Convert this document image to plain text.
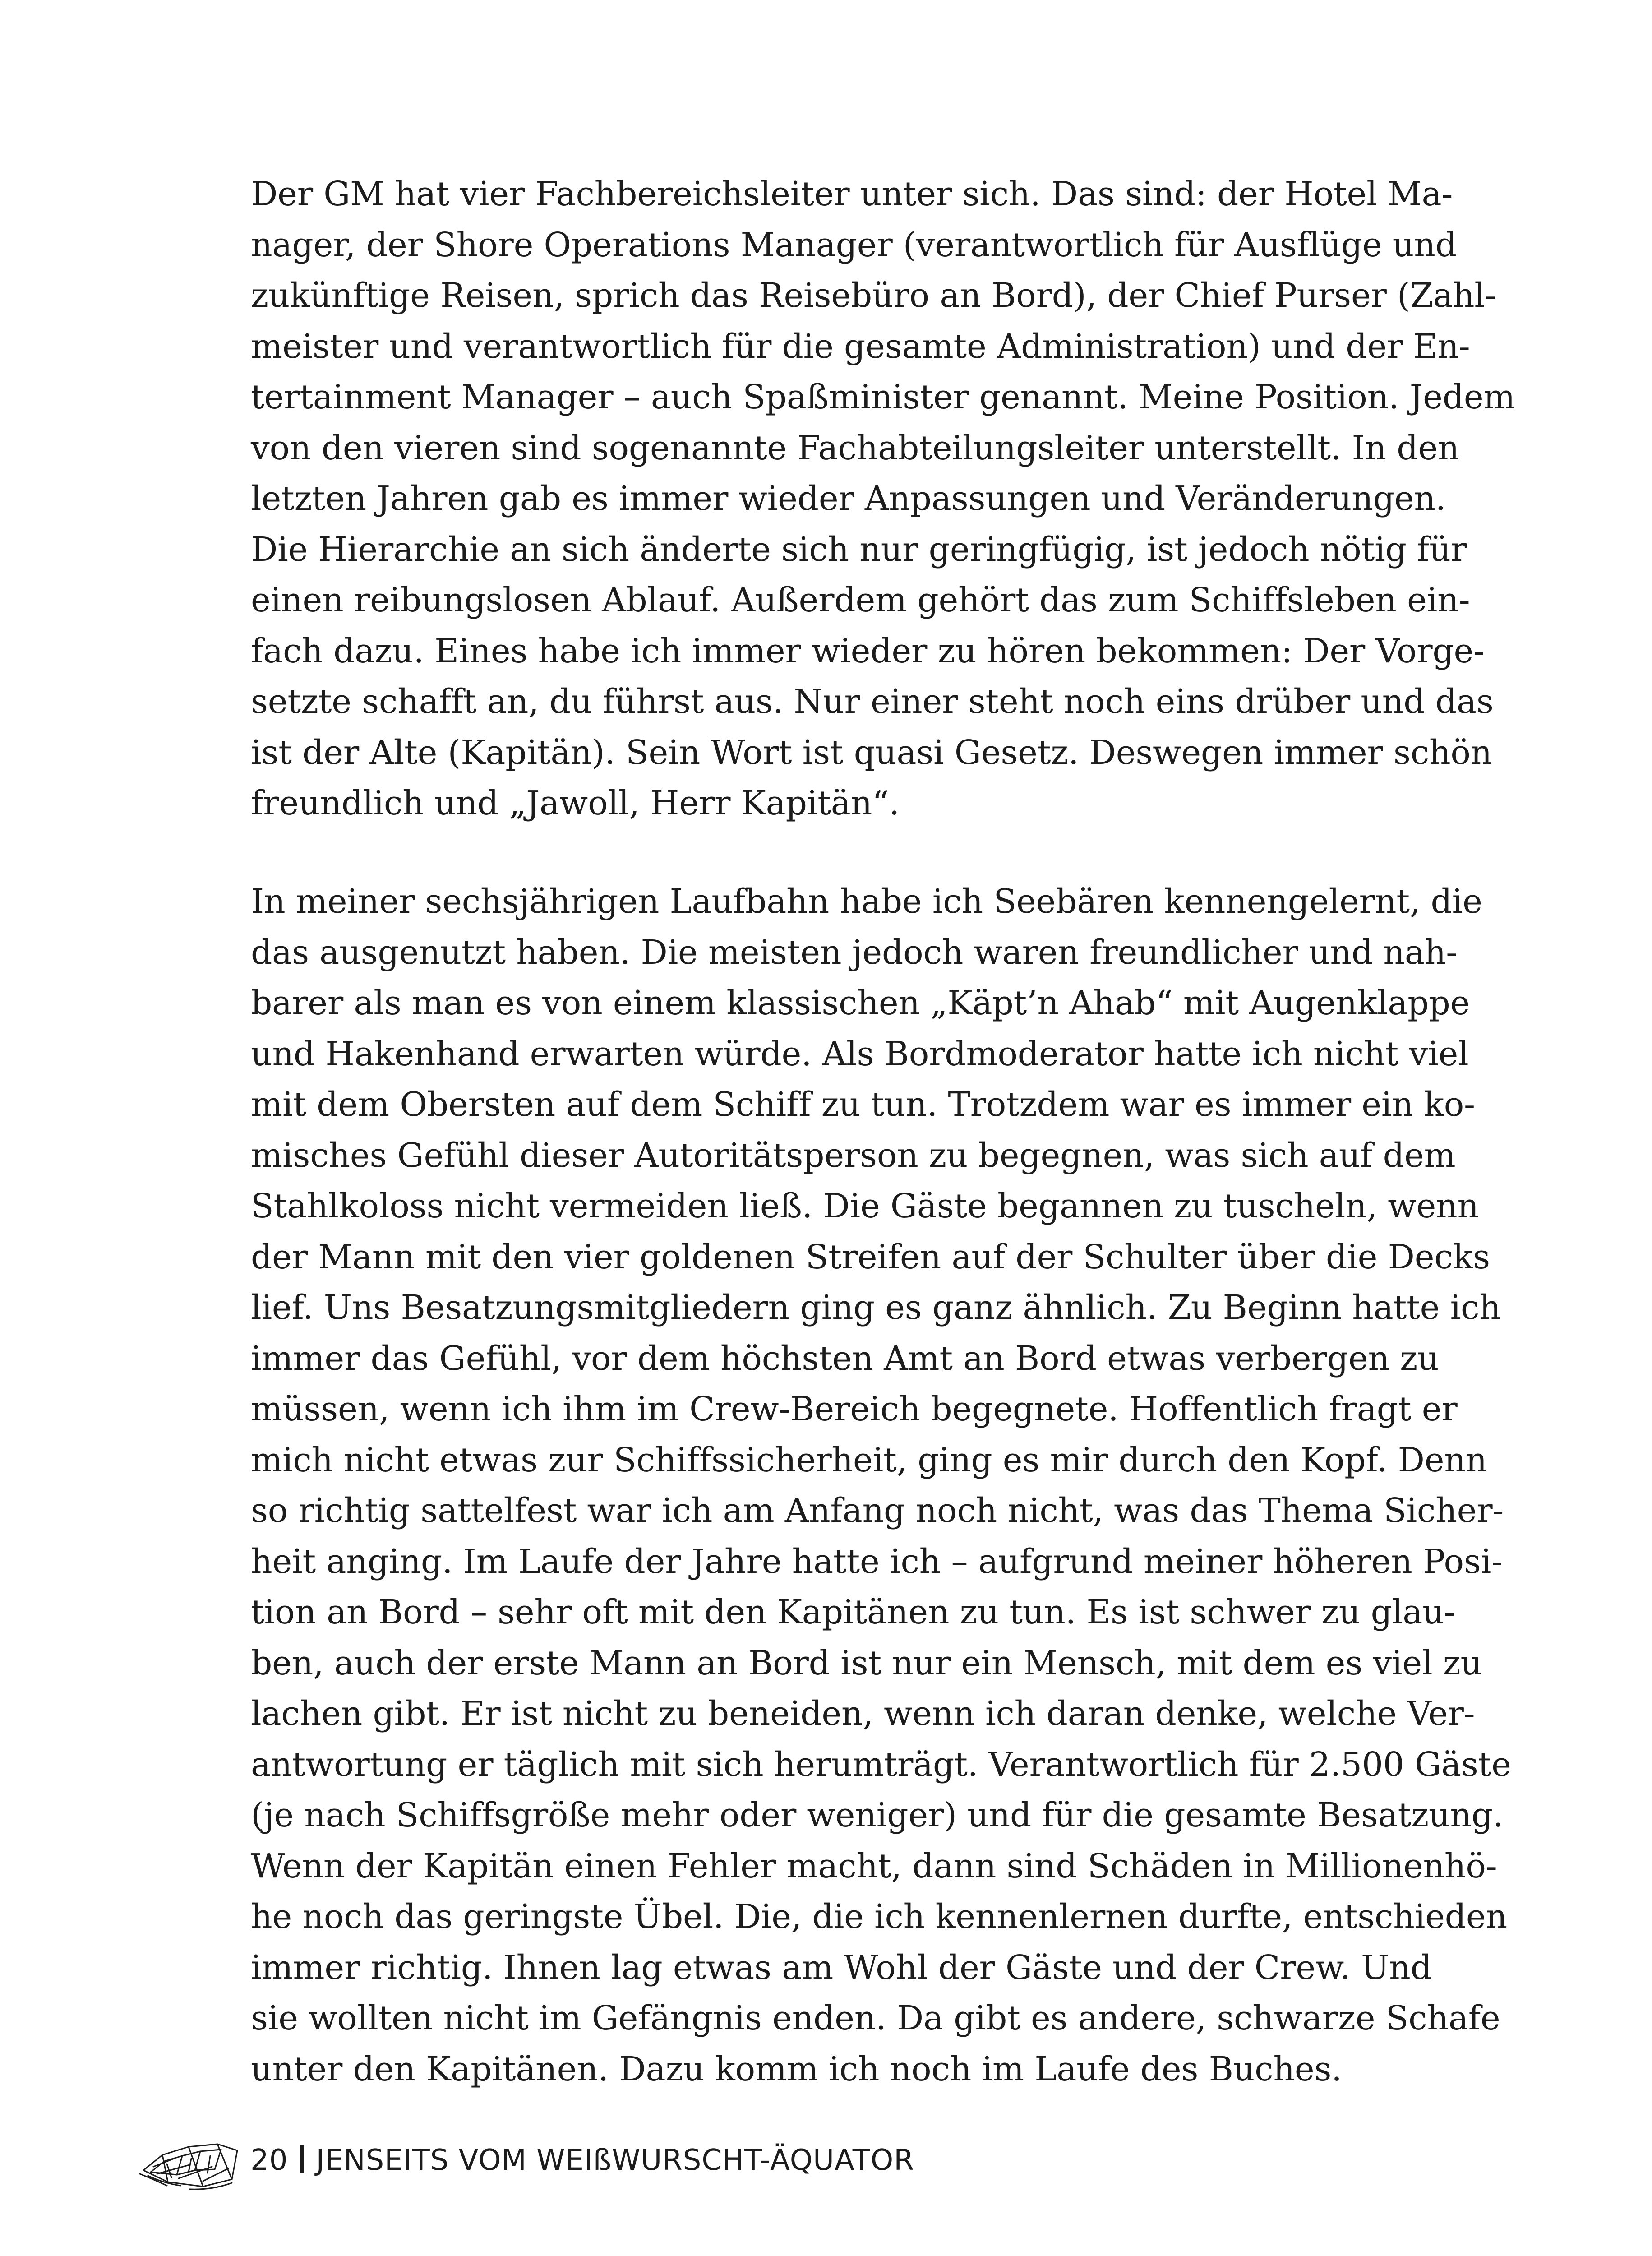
Der GM hat vier Fachbereichsleiter unter sich. Das sind: der Hotel Ma-
nager, der Shore Operations Manager (verantwortlich für Ausflüge und
zukünftige Reisen, sprich das Reisebüro an Bord), der Chief Purser (Zahl-
meister und verantwortlich für die gesamte Administration) und der En-
tertainment Manager – auch Spaßminister genannt. Meine Position. Jedem
von den vieren sind sogenannte Fachabteilungsleiter unterstellt. In den
letzten Jahren gab es immer wieder Anpassungen und Veränderungen.
Die Hierarchie an sich änderte sich nur geringfügig, ist jedoch nötig für
einen reibungslosen Ablauf. Außerdem gehört das zum Schiffsleben ein-
fach dazu. Eines habe ich immer wieder zu hören bekommen: Der Vorge-
setzte schafft an, du führst aus. Nur einer steht noch eins drüber und das
ist der Alte (Kapitän). Sein Wort ist quasi Gesetz. Deswegen immer schön
freundlich und „Jawoll, Herr Kapitän“.
In meiner sechsjährigen Laufbahn habe ich Seebären kennengelernt, die
das ausgenutzt haben. Die meisten jedoch waren freundlicher und nah-
barer als man es von einem klassischen „Käpt’n Ahab“ mit Augenklappe
und Hakenhand erwarten würde. Als Bordmoderator hatte ich nicht viel
mit dem Obersten auf dem Schiff zu tun. Trotzdem war es immer ein ko-
misches Gefühl dieser Autoritätsperson zu begegnen, was sich auf dem
Stahlkoloss nicht vermeiden ließ. Die Gäste begannen zu tuscheln, wenn
der Mann mit den vier goldenen Streifen auf der Schulter über die Decks
lief. Uns Besatzungsmitgliedern ging es ganz ähnlich. Zu Beginn hatte ich
immer das Gefühl, vor dem höchsten Amt an Bord etwas verbergen zu
müssen, wenn ich ihm im Crew-Bereich begegnete. Hoffentlich fragt er
mich nicht etwas zur Schiffssicherheit, ging es mir durch den Kopf. Denn
so richtig sattelfest war ich am Anfang noch nicht, was das Thema Sicher-
heit anging. Im Laufe der Jahre hatte ich – aufgrund meiner höheren Posi-
tion an Bord – sehr oft mit den Kapitänen zu tun. Es ist schwer zu glau-
ben, auch der erste Mann an Bord ist nur ein Mensch, mit dem es viel zu
lachen gibt. Er ist nicht zu beneiden, wenn ich daran denke, welche Ver-
antwortung er täglich mit sich herumträgt. Verantwortlich für 2.500 Gäste
(je nach Schiffsgröße mehr oder weniger) und für die gesamte Besatzung.
Wenn der Kapitän einen Fehler macht, dann sind Schäden in Millionenhö-
he noch das geringste Übel. Die, die ich kennenlernen durfte, entschieden
immer richtig. Ihnen lag etwas am Wohl der Gäste und der Crew. Und
sie wollten nicht im Gefängnis enden. Da gibt es andere, schwarze Schafe
unter den Kapitänen. Dazu komm ich noch im Laufe des Buches.
20 JENSEITS VOM WEIßWURSCHT-ÄQUATOR
